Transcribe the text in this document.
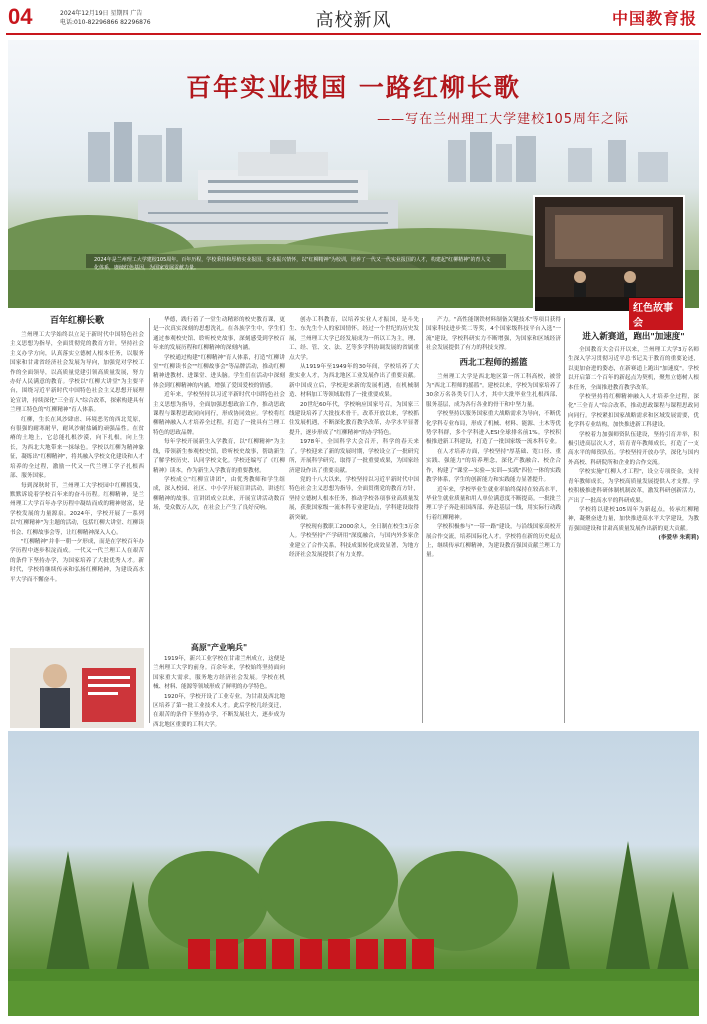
04	2024年12月19日 星期四 广告
电话:010-82296866 82296876	高校新风	中国教育报
百年实业报国 一路红柳长歌
——写在兰州理工大学建校105周年之际
2024年是兰州理工大学建校105周年。百年历程，学校秉持和厚植实业报国、实业振兴情怀，以"红柳精神"为校训，培养了一代又一代实业报国的人才，构建起"红柳精神"的育人文化体系，赓续红色基因，为国家发展贡献力量。
红色故事会
百年红柳长歌

兰州理工大学始终以立足于新时代中国特色社会主义思想为指导，全面贯彻党的教育方针，坚持社会主义办学方向，认真落实立德树人根本任务，以服务国家和甘肃省经济社会发展为导向，加强党对学校工作的全面领导，以高质量党建引领高质量发展，努力办好人民满意的教育。学校以"红柳大讲堂"为主要平台，围绕习近平新时代中国特色社会主义思想开展理论宣讲，持续深化"三全育人"综合改革，探索构建具有兰理工特色的"红柳精神"育人体系。

红柳，生长在风沙肆虐、环境恶劣的西北荒原，有很强的耐寒耐旱，耐风沙耐盐碱的顽强品性。在贫瘠的土地上，它总能扎根沙漠，向下扎根，向上生长，为西北大地带来一抹绿色。学校以红柳为精神象征，凝练出"红柳精神"，将其融入学校文化建设和人才培养的全过程，激励一代又一代兰理工学子扎根西部、服务国家。

每到深秋时节，兰州理工大学校园中红柳摇曳，默默诉说着学校百年来的奋斗历程。红柳精神，是兰州理工大学百年办学历程中凝结而成的精神财富，是学校发展的力量源泉。2024年，学校开展了一系列以"红柳精神"为主题的活动，包括红柳大讲堂、红柳读书会、红柳故事会等，让红柳精神深入人心。

"红柳精神"并非一朝一夕形成，而是在学校百年办学历程中逐步积淀而成。一代又一代兰理工人在艰苦的条件下坚持办学，为国家培养了大批优秀人才。新时代，学校将继续传承和弘扬红柳精神，为建设高水平大学而不懈奋斗。

华德，践行着了一堂生动精彩的校史教育课，更是一次真实深刻的思想洗礼。在各族学生中，学生们通过参观校史馆、聆听校史故事，深刻感受到学校百年来的发展历程和红柳精神的深刻内涵。

学校通过构建"红柳精神"育人体系，打造"红柳讲堂""红柳读书会""红柳故事会"等品牌活动，推动红柳精神进教材、进课堂、进头脑。学生们在活动中深刻体会到红柳精神的内涵，增强了爱国爱校的情感。

近年来，学校坚持以习近平新时代中国特色社会主义思想为指导，全面加强思想政治工作，推动思政课程与课程思政同向同行，形成协同效应。学校将红柳精神融入人才培养全过程，打造了一批具有兰理工特色的思政品牌。

每年学校开展新生入学教育，以"红柳精神"为主线，带领新生参观校史馆，聆听校史故事，帮助新生了解学校历史、认同学校文化。学校还编写了《红柳精神》读本，作为新生入学教育的重要教材。

学校成立"红柳宣讲团"，由优秀教师和学生组成，深入校园、社区、中小学开展宣讲活动，讲述红柳精神的故事。宣讲团成立以来，开展宣讲活动数百场，受众数万人次，在社会上产生了良好反响。

高原"产业响兵"

1919年，新兴工业学校在甘肃兰州成立，这便是兰州理工大学的前身。百余年来，学校始终坚持面向国家重大需求，服务地方经济社会发展。学校在机械、材料、能源等领域形成了鲜明的办学特色。

1920年，学校开设了工业专业，为甘肃及西北地区培养了第一批工业技术人才。此后学校几经变迁，在艰苦的条件下坚持办学，不断发展壮大，逐步成为西北地区重要的工科大学。

创办工科教育，以培养实业人才振国，是斗先生、东先生个人的家国情怀。经过一个世纪的历史发展，兰州理工大学已经发展成为一所以工为主，理、工、经、管、文、法、艺等多学科协调发展的省属重点大学。

从1919年至1949年的30年间，学校培养了大批实业人才，为西北地区工业发展作出了重要贡献。新中国成立后，学校迎来新的发展机遇，在机械制造、材料加工等领域取得了一批重要成果。

20世纪60年代，学校响应国家号召，为国家三线建设培养了大批技术骨干。改革开放以来，学校抓住发展机遇，不断深化教育教学改革，办学水平显著提升，逐步形成了"红柳精神"的办学特色。

1978年，全国科学大会召开，科学的春天来了。学校迎来了新的发展时期，学校设立了一批研究所，开展科学研究，取得了一批重要成果，为国家经济建设作出了重要贡献。

党的十八大以来，学校坚持以习近平新时代中国特色社会主义思想为指导，全面贯彻党的教育方针，坚持立德树人根本任务，推动学校各项事业高质量发展，获批国家级一流本科专业建设点，学科建设取得新突破。

学校现有教职工2000余人，全日制在校生3万余人。学校坚持"产学研用"深度融合，与国内外多家企业建立了合作关系，科技成果转化成效显著，为地方经济社会发展提供了有力支撑。

产力。"高性能钢铁材料制备关键技术"等项目获得国家科技进步奖二等奖，4个国家级科技平台入选"一流"建设，学校科研实力不断增强，为国家和区域经济社会发展提供了有力的科技支撑。

西北工程师的摇篮

兰州理工大学是西北地区第一所工科高校，被誉为"西北工程师的摇篮"。建校以来，学校为国家培养了30余万名各类专门人才，其中大批毕业生扎根西部、服务基层，成为各行各业的骨干和中坚力量。

学校坚持以服务国家重大战略需求为导向，不断优化学科专业布局，形成了机械、材料、能源、土木等优势学科群，多个学科进入ESI全球排名前1%。学校积极推进新工科建设，打造了一批国家级一流本科专业。

在人才培养方面，学校坚持"厚基础、宽口径、重实践、强能力"的培养理念，深化产教融合、校企合作，构建了"课堂—实验—实训—实践"四位一体的实践教学体系，学生的创新能力和实践能力显著提升。

近年来，学校毕业生就业率始终保持在较高水平，毕业生就业质量和用人单位满意度不断提高。一批批兰理工学子奔赴祖国西部、奔赴基层一线，用实际行动践行着红柳精神。

学校积极参与"一带一路"建设，与沿线国家高校开展合作交流，培养国际化人才。学校将在新的历史起点上，继续传承红柳精神，为建设教育强国贡献兰理工力量。

全国教育大会召开以来，兰州理工大学3万名师生深入学习贯彻习近平总书记关于教育的重要论述，以更加奋进的姿态，在新赛道上跑出"加速度"。学校以开启第二个百年的新起点为契机，聚焦立德树人根本任务，全面推进教育教学改革。

学校坚持将红柳精神融入人才培养全过程，深化"三全育人"综合改革，推动思政课程与课程思政同向同行。学校紧扣国家战略需求和区域发展需要，优化学科专业结构，加快推进新工科建设。

学校着力加强师资队伍建设，坚持引育并举，积极引进高层次人才，培育青年教师成长，打造了一支高水平的师资队伍。学校坚持开放办学，深化与国内外高校、科研院所和企业的合作交流。

学校实施"红柳人才工程"，设立专项资金，支持青年教师成长，为学校高质量发展提供人才支撑。学校积极推进科研体制机制改革，激发科研创新活力，产出了一批高水平的科研成果。

学校将以建校105周年为新起点，传承红柳精神，凝聚奋进力量，加快推进高水平大学建设，为教育强国建设和甘肃高质量发展作出新的更大贡献。

(李爱华 朱莉莉)
进入新赛道，跑出"加速度"
